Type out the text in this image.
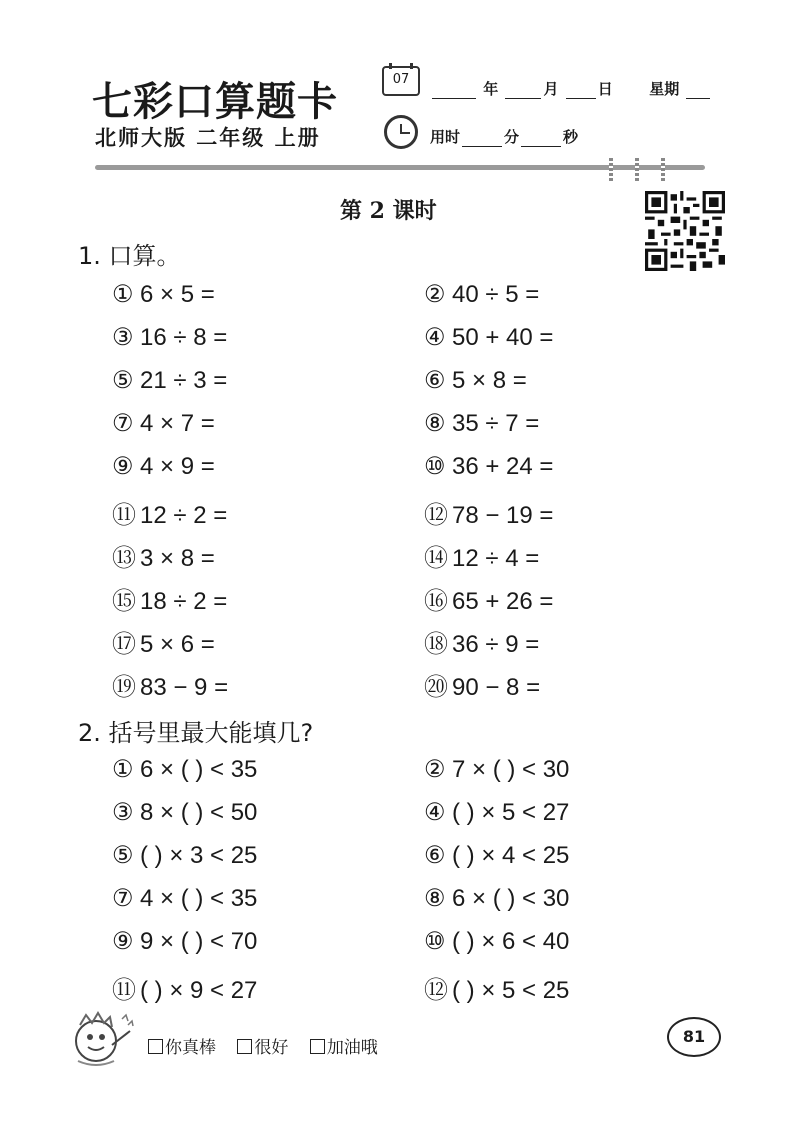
七彩口算题卡
北师大版 二年级 上册
07
年	月	日 星期
用时	分	秒
第 2 课时
1. 口算。
① 6 × 5 =	② 40 ÷ 5 =
③ 16 ÷ 8 =	④ 50 + 40 =
⑤ 21 ÷ 3 =	⑥ 5 × 8 =
⑦ 4 × 7 =	⑧ 35 ÷ 7 =
⑨ 4 × 9 =	⑩ 36 + 24 =
⑪ 12 ÷ 2 =	⑫ 78 − 19 =
⑬ 3 × 8 =	⑭ 12 ÷ 4 =
⑮ 18 ÷ 2 =	⑯ 65 + 26 =
⑰ 5 × 6 =	⑱ 36 ÷ 9 =
⑲ 83 − 9 =	⑳ 90 − 8 =
2. 括号里最大能填几?
① 6 × ( ) < 35	② 7 × ( ) < 30
③ 8 × ( ) < 50	④ ( ) × 5 < 27
⑤ ( ) × 3 < 25	⑥ ( ) × 4 < 25
⑦ 4 × ( ) < 35	⑧ 6 × ( ) < 30
⑨ 9 × ( ) < 70	⑩ ( ) × 6 < 40
⑪ ( ) × 9 < 27	⑫ ( ) × 5 < 25
你真棒 很好 加油哦
81
